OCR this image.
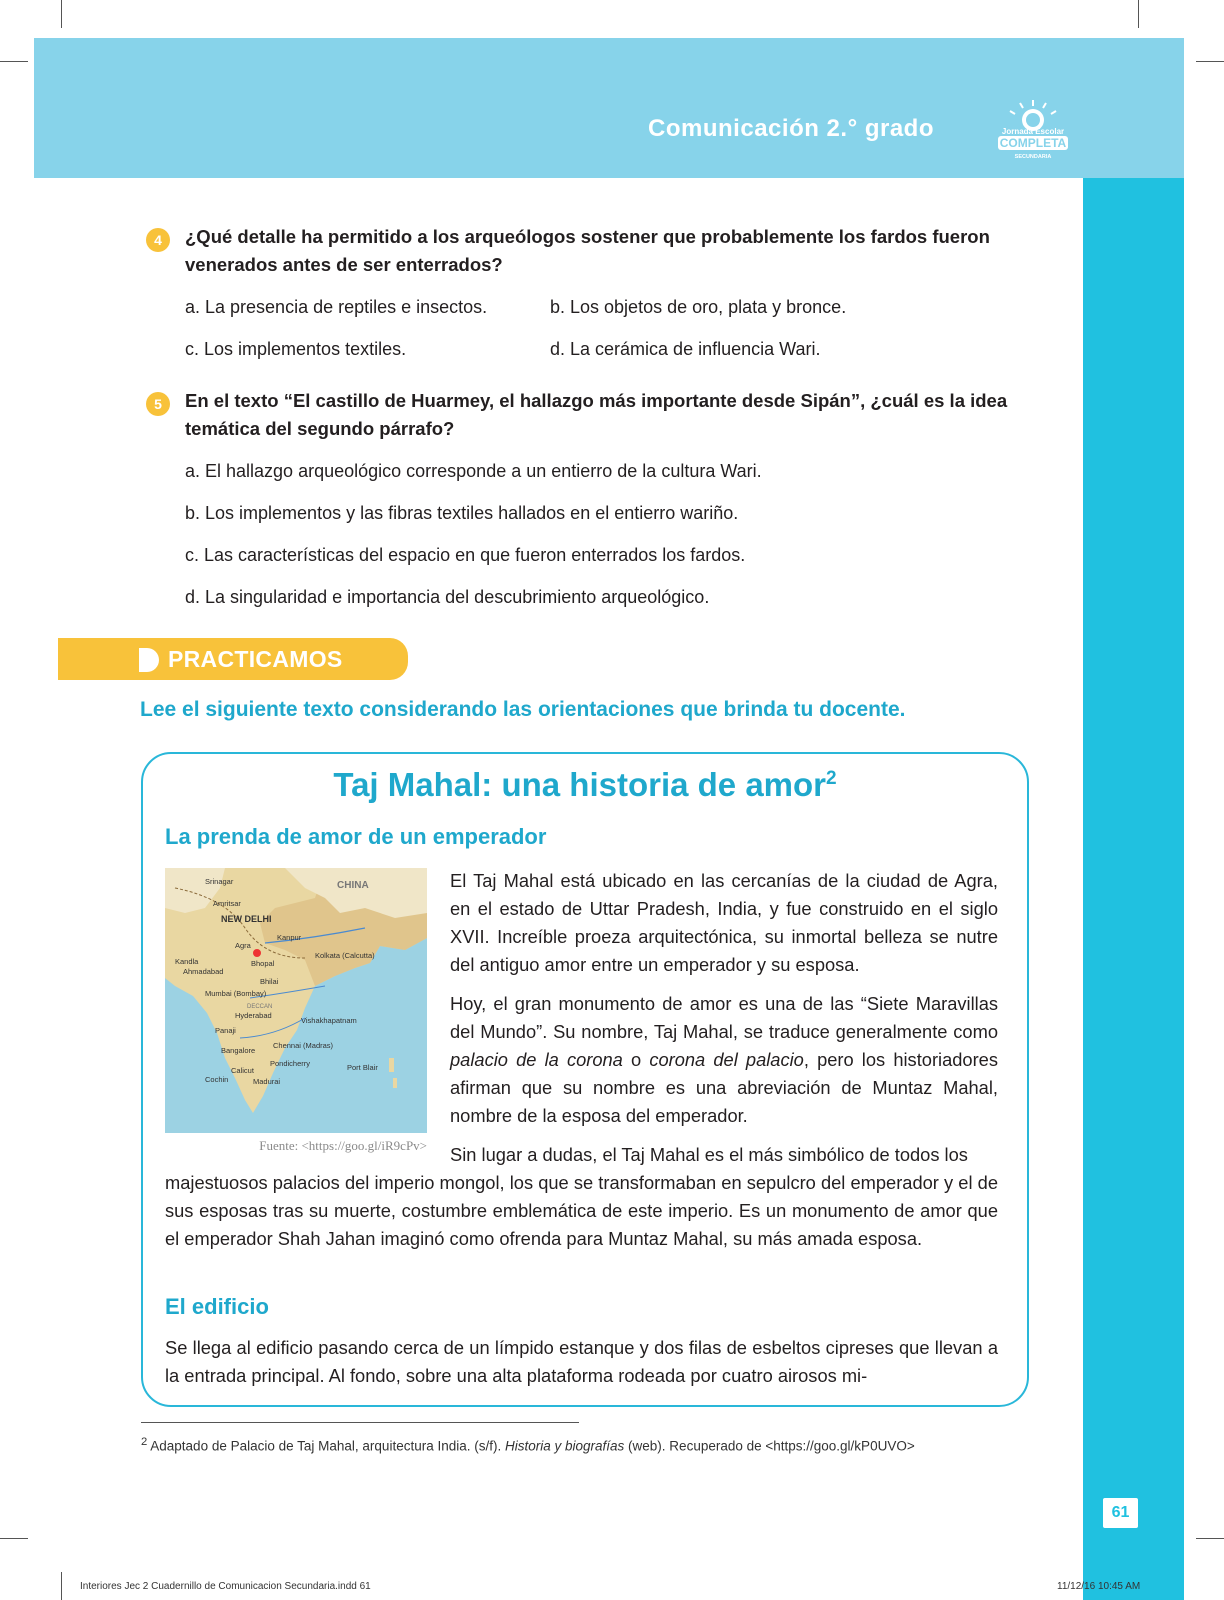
Comunicación 2.° grado	Jornada Escolar
COMPLETA
SECUNDARIA
4	¿Qué detalle ha permitido a los arqueólogos sostener que probablemente los fardos fueron venerados antes de ser enterrados?
a. La presencia de reptiles e insectos.	b. Los objetos de oro, plata y bronce.
c. Los implementos textiles.	d. La cerámica de influencia Wari.
5	En el texto “El castillo de Huarmey, el hallazgo más importante desde Sipán”, ¿cuál es la idea temática del segundo párrafo?
a. El hallazgo arqueológico corresponde a un entierro de la cultura Wari.
b. Los implementos y las fibras textiles hallados en el entierro wariño.
c. Las características del espacio en que fueron enterrados los fardos.
d. La singularidad e importancia del descubrimiento arqueológico.
PRACTICAMOS
Lee el siguiente texto considerando las orientaciones que brinda tu docente.
Taj Mahal: una historia de amor$^2$
La prenda de amor de un emperador
Srinagar
Amritsar
NEW DELHI
Agra
Kanpur
CHINA
Kandla	Bhopal
Kolkata (Calcutta)
Ahmadabad
Bhilai
Mumbai (Bombay)
DECCAN
Hyderabad
Vishakhapatnam
Panaji
Bangalore
Chennai (Madras)
Pondicherry
Calicut
Madurai
Cochin
Port Blair
Fuente: <https://goo.gl/iR9cPv>
El Taj Mahal está ubicado en las cercanías de la ciudad de Agra, en el estado de Uttar Pradesh, India, y fue construido en el siglo XVII. Increíble proeza arquitectónica, su inmortal belleza se nutre del antiguo amor entre un emperador y su esposa.
Hoy, el gran monumento de amor es una de las “Siete Maravillas del Mundo”. Su nombre, Taj Mahal, se traduce generalmente como palacio de la corona o corona del palacio, pero los historiadores afirman que su nombre es una abreviación de Muntaz Mahal, nombre de la esposa del emperador.
Sin lugar a dudas, el Taj Mahal es el más simbólico de todos los
majestuosos palacios del imperio mongol, los que se transformaban en sepulcro del emperador y el de sus esposas tras su muerte, costumbre emblemática de este imperio. Es un monumento de amor que el emperador Shah Jahan imaginó como ofrenda para Muntaz Mahal, su más amada esposa.
El edificio
Se llega al edificio pasando cerca de un límpido estanque y dos filas de esbeltos cipreses que llevan a la entrada principal. Al fondo, sobre una alta plataforma rodeada por cuatro airosos mi-
$^2$ Adaptado de Palacio de Taj Mahal, arquitectura India. (s/f). Historia y biografías (web). Recuperado de <https://goo.gl/kP0UVO>
61
Interiores Jec 2 Cuadernillo de Comunicacion Secundaria.indd 61	11/12/16 10:45 AM
